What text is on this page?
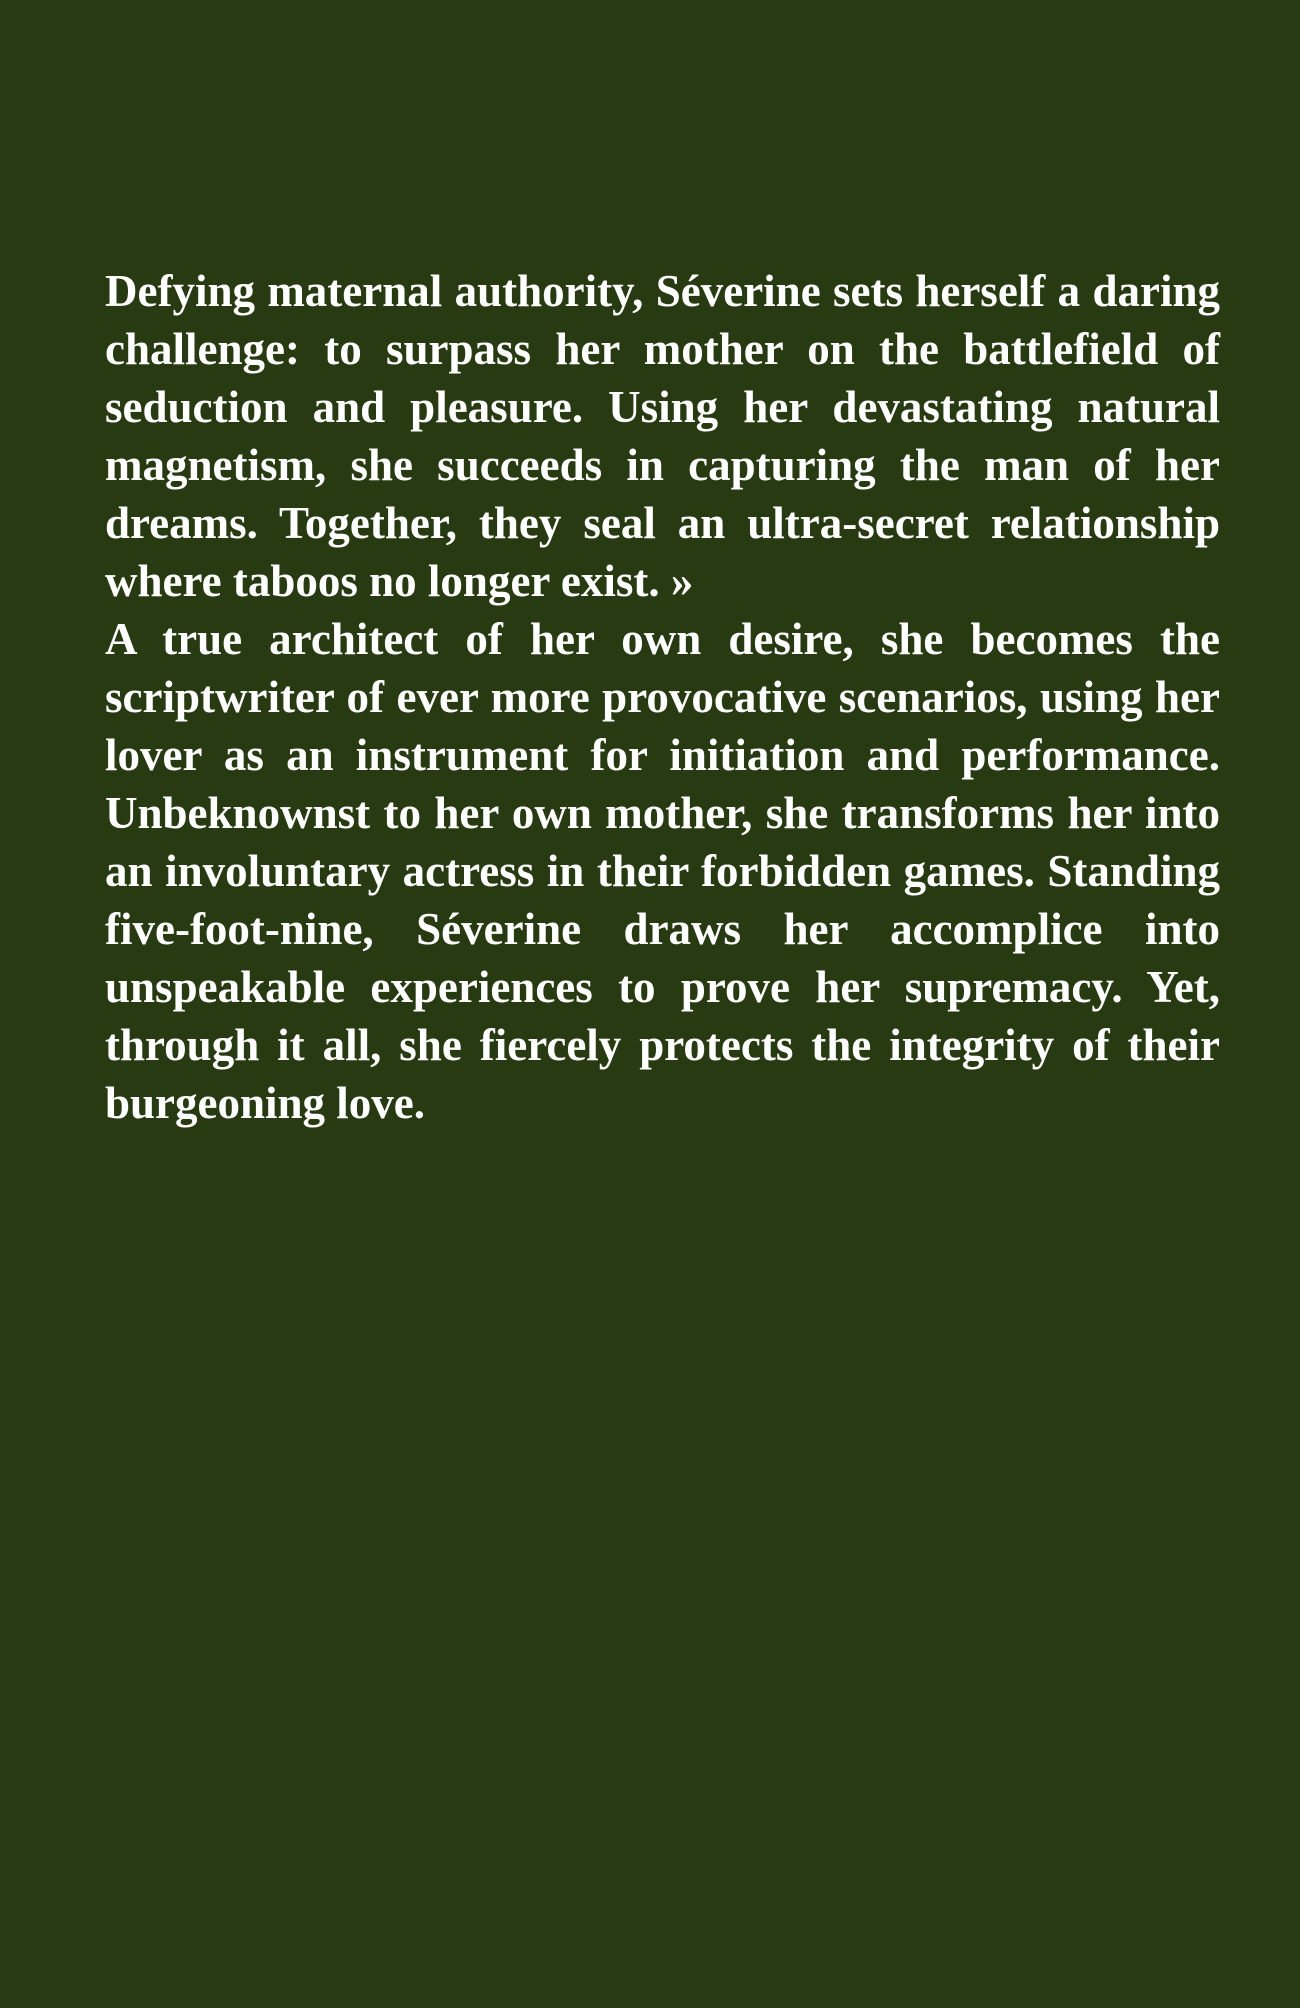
Defying maternal authority, Séverine sets herself a daring challenge: to surpass her mother on the battlefield of seduction and pleasure. Using her devastating natural magnetism, she succeeds in capturing the man of her dreams. Together, they seal an ultra-secret relationship where taboos no longer exist. »

A true architect of her own desire, she becomes the scriptwriter of ever more provocative scenarios, using her lover as an instrument for initiation and performance. Unbeknownst to her own mother, she transforms her into an involuntary actress in their forbidden games. Standing five-foot-nine, Séverine draws her accomplice into unspeakable experiences to prove her supremacy. Yet, through it all, she fiercely protects the integrity of their burgeoning love.
